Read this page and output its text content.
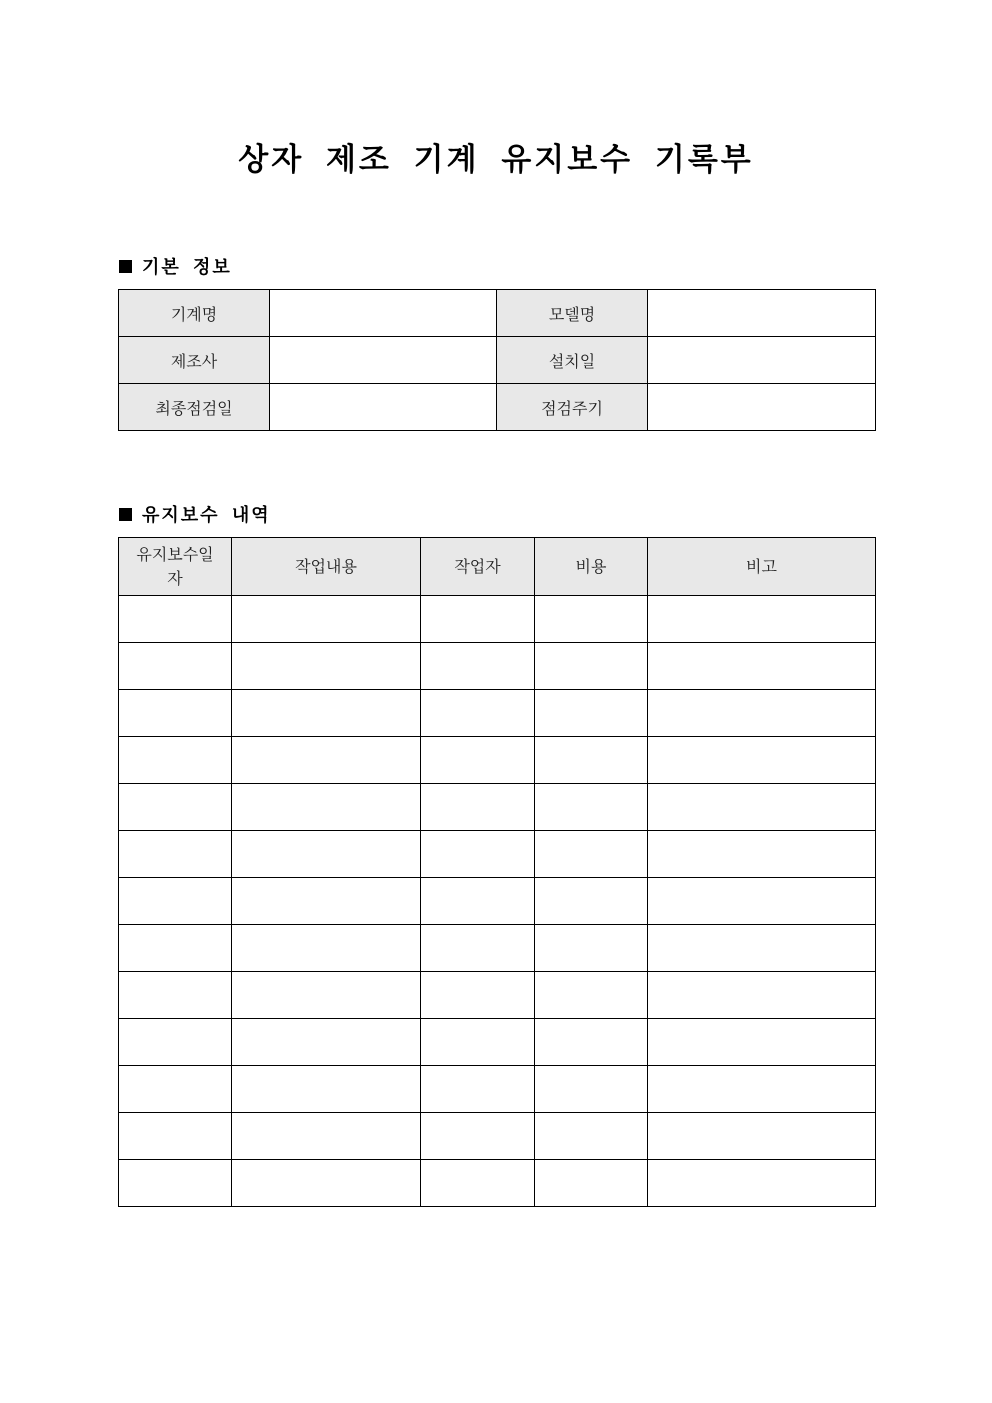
상자 제조 기계 유지보수 기록부
기본 정보
기계명		모델명	
제조사		설치일	
최종점검일		점검주기	
유지보수 내역
유지보수일자	작업내용	작업자	비용	비고
